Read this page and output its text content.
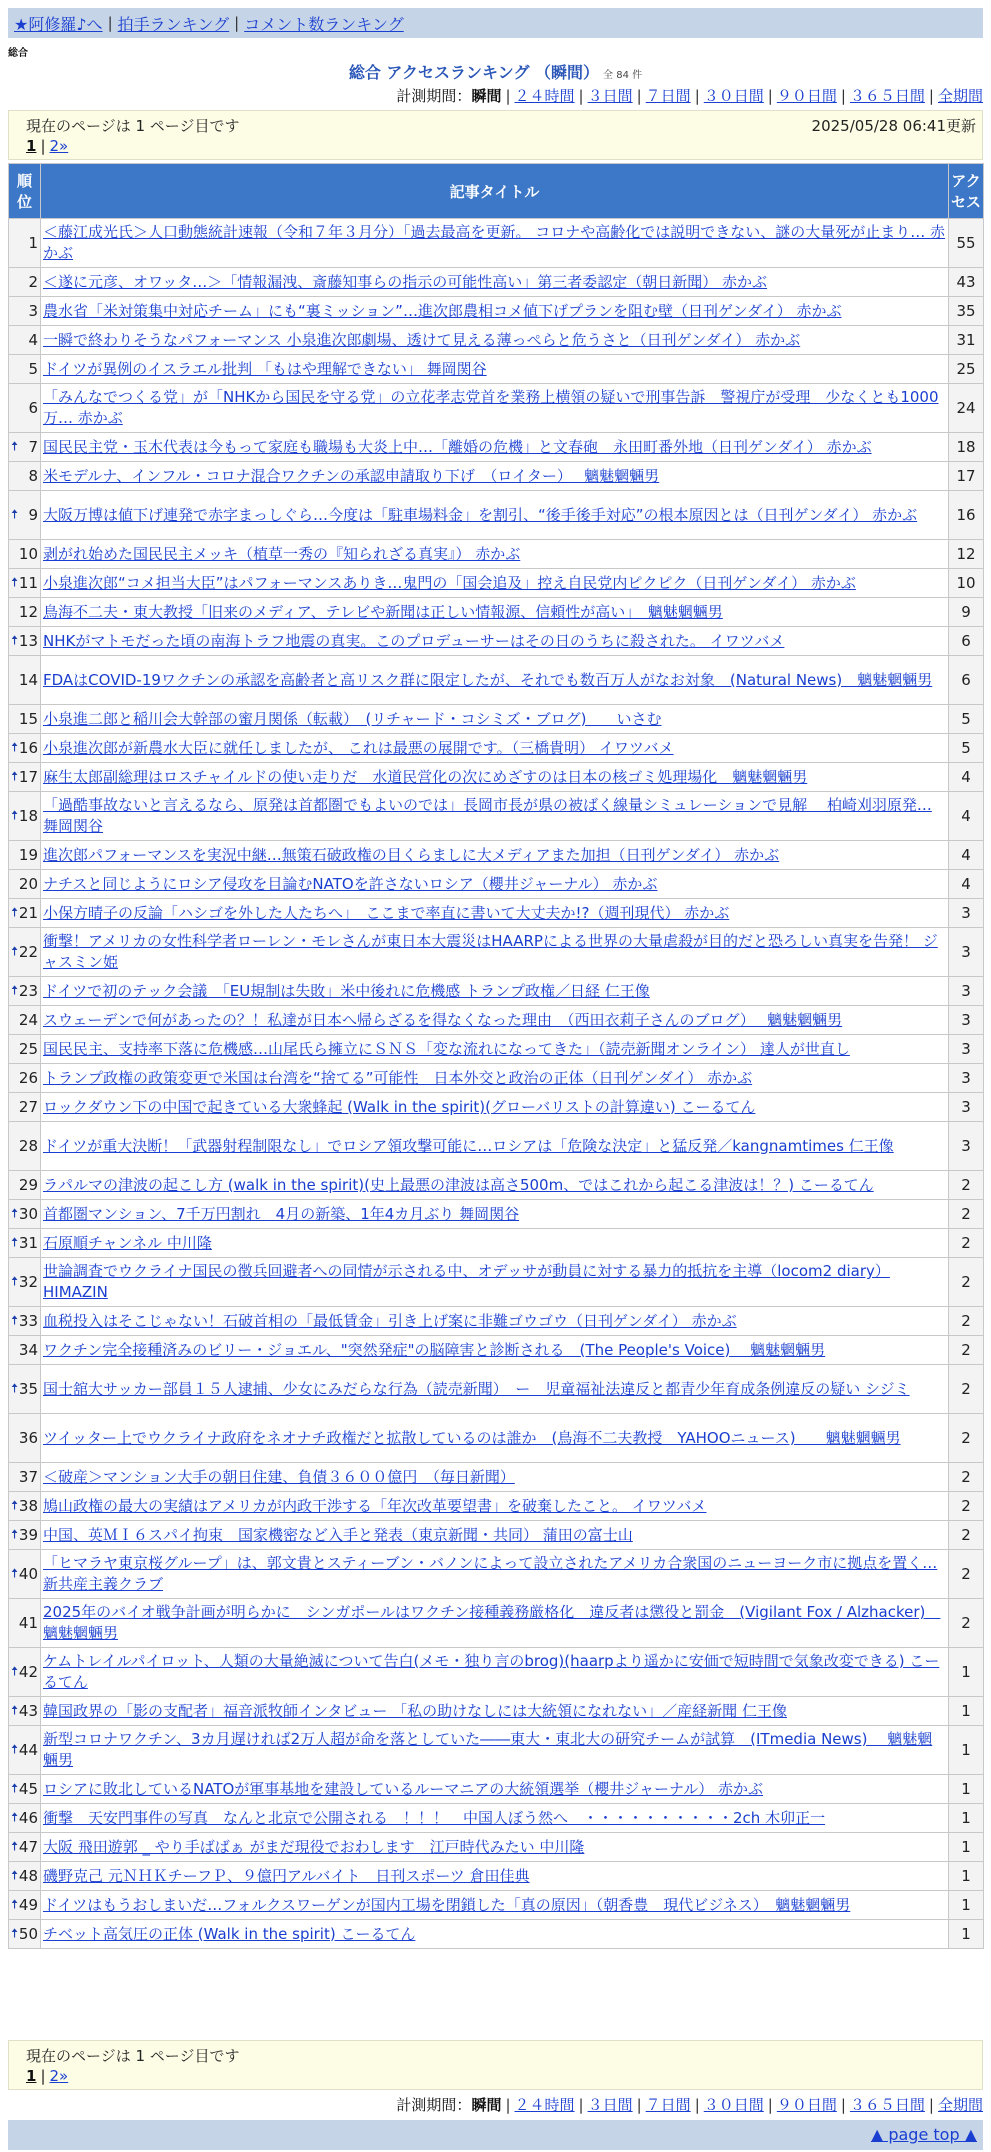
★阿修羅♪へ | 拍手ランキング | コメント数ランキング
総合
総合 アクセスランキング （瞬間） 全 84 件
計測期間：瞬間 | ２４時間 | ３日間 | ７日間 | ３０日間 | ９０日間 | ３６５日間 | 全期間
現在のページは 1 ページ目です	2025/05/28 06:41更新
1 | 2»
順位	記事タイトル	アクセス
1	＜藤江成光氏＞人口動態統計速報（令和７年３月分）「過去最高を更新。 コロナや高齢化では説明できない、謎の大量死が止まり… 赤かぶ	55
2	＜遂に元彦、オワッタ…＞「情報漏洩、斎藤知事らの指示の可能性高い」第三者委認定（朝日新聞） 赤かぶ	43
3	農水省「米対策集中対応チーム」にも“裏ミッション”…進次郎農相コメ値下げプランを阻む壁（日刊ゲンダイ） 赤かぶ	35
4	一瞬で終わりそうなパフォーマンス 小泉進次郎劇場、透けて見える薄っぺらと危うさと（日刊ゲンダイ） 赤かぶ	31
5	ドイツが異例のイスラエル批判 「もはや理解できない」 舞岡関谷	25
6	「みんなでつくる党」が「NHKから国民を守る党」の立花孝志党首を業務上横領の疑いで刑事告訴　警視庁が受理　少なくとも1000万… 赤かぶ	24

🠅 7	国民民主党・玉木代表は今もって家庭も職場も大炎上中…「離婚の危機」と文春砲　永田町番外地（日刊ゲンダイ） 赤かぶ	18
8	米モデルナ、インフル・コロナ混合ワクチンの承認申請取り下げ　（ロイター）　 魑魅魍魎男	17

🠅 9	大阪万博は値下げ連発で赤字まっしぐら…今度は「駐車場料金」を割引、“後手後手対応”の根本原因とは（日刊ゲンダイ） 赤かぶ	16
10	剥がれ始めた国民民主メッキ（植草一秀の『知られざる真実』） 赤かぶ	12

🠅 11	小泉進次郎“コメ担当大臣”はパフォーマンスありき…鬼門の「国会追及」控え自民党内ピクピク（日刊ゲンダイ） 赤かぶ	10
12	鳥海不二夫・東大教授「旧来のメディア、テレビや新聞は正しい情報源、信頼性が高い」　魑魅魍魎男	9

🠅 13	NHKがマトモだった頃の南海トラフ地震の真実。このプロデューサーはその日のうちに殺された。 イワツバメ	6
14	FDAはCOVID-19ワクチンの承認を高齢者と高リスク群に限定したが、それでも数百万人がなお対象　(Natural News)　魑魅魍魎男	6
15	小泉進二郎と稲川会大幹部の蜜月関係（転載）　(リチャード・コシミズ・ブログ)　　いさむ	5

🠅 16	小泉進次郎が新農水大臣に就任しましたが、 これは最悪の展開です。（三橋貴明） イワツバメ	5

🠅 17	麻生太郎副総理はロスチャイルドの使い走りだ　水道民営化の次にめざすのは日本の核ゴミ処理場化　魑魅魍魎男	4

🠅 18	「過酷事故ないと言えるなら、原発は首都圏でもよいのでは」長岡市長が県の被ばく線量シミュレーションで見解　 柏崎刈羽原発… 舞岡関谷	4
19	進次郎パフォーマンスを実況中継…無策石破政権の目くらましに大メディアまた加担（日刊ゲンダイ） 赤かぶ	4
20	ナチスと同じようにロシア侵攻を目論むNATOを許さないロシア（櫻井ジャーナル） 赤かぶ	4

🠅 21	小保方晴子の反論「ハシゴを外した人たちへ」　ここまで率直に書いて大丈夫か!?（週刊現代） 赤かぶ	3

🠅 22	衝撃！アメリカの女性科学者ローレン・モレさんが東日本大震災はHAARPによる世界の大量虐殺が目的だと恐ろしい真実を告発！ ジャスミン姫	3

🠅 23	ドイツで初のテック会議　「EU規制は失敗」米中後れに危機感 トランプ政権／日経 仁王像	3
24	スウェーデンで何があったの？！私達が日本へ帰らざるを得なくなった理由　（西田衣莉子さんのブログ）　 魑魅魍魎男	3
25	国民民主、支持率下落に危機感…山尾氏ら擁立にＳＮＳ「変な流れになってきた」（読売新聞オンライン） 達人が世直し	3
26	トランプ政権の政策変更で米国は台湾を“捨てる”可能性　日本外交と政治の正体（日刊ゲンダイ） 赤かぶ	3
27	ロックダウン下の中国で起きている大衆蜂起 (Walk in the spirit)(グローバリストの計算違い) こーるてん	3
28	ドイツが重大決断！「武器射程制限なし」でロシア領攻撃可能に…ロシアは「危険な決定」と猛反発／kangnamtimes 仁王像	3
29	ラパルマの津波の起こし方 (walk in the spirit)(史上最悪の津波は高さ500m、ではこれから起こる津波は！？) こーるてん	2

🠅 30	首都圏マンション、7千万円割れ　4月の新築、1年4カ月ぶり 舞岡関谷	2

🠅 31	石原順チャンネル 中川隆	2

🠅 32	世論調査でウクライナ国民の徴兵回避者への同情が示される中、オデッサが動員に対する暴力的抵抗を主導（locom2 diary） HIMAZIN	2

🠅 33	血税投入はそこじゃない！石破首相の「最低賃金」引き上げ案に非難ゴウゴウ（日刊ゲンダイ） 赤かぶ	2
34	ワクチン完全接種済みのビリー・ジョエル、"突然発症"の脳障害と診断される　(The People's Voice)　 魑魅魍魎男	2

🠅 35	国士舘大サッカー部員１５人逮捕、少女にみだらな行為（読売新聞）　ー　児童福祉法違反と都青少年育成条例違反の疑い シジミ	2
36	ツイッター上でウクライナ政府をネオナチ政権だと拡散しているのは誰か　(鳥海不二夫教授　YAHOOニュース)　　魑魅魍魎男	2
37	＜破産＞マンション大手の朝日住建、負債３６００億円　（毎日新聞）	2

🠅 38	鳩山政権の最大の実績はアメリカが内政干渉する「年次改革要望書」を破棄したこと。 イワツバメ	2

🠅 39	中国、英ＭＩ６スパイ拘束　国家機密など入手と発表（東京新聞・共同） 蒲田の富士山	2

🠅 40	「ヒマラヤ東京桜グループ」は、郭文貴とスティーブン・バノンによって設立されたアメリカ合衆国のニューヨーク市に拠点を置く… 新共産主義クラブ	2
41	2025年のバイオ戦争計画が明らかに　シンガポールはワクチン接種義務厳格化　違反者は懲役と罰金　(Vigilant Fox / Alzhacker)　魑魅魍魎男	2

🠅 42	ケムトレイルパイロット、人類の大量絶滅について告白(メモ・独り言のbrog)(haarpより遥かに安価で短時間で気象改変できる) こーるてん	1

🠅 43	韓国政界の「影の支配者」福音派牧師インタビュー 「私の助けなしには大統領になれない」／産経新聞 仁王像	1

🠅 44	新型コロナワクチン、3カ月遅ければ2万人超が命を落としていた――東大・東北大の研究チームが試算　(ITmedia News)　 魑魅魍魎男	1

🠅 45	ロシアに敗北しているNATOが軍事基地を建設しているルーマニアの大統領選挙（櫻井ジャーナル） 赤かぶ	1

🠅 46	衝撃　天安門事件の写真　なんと北京で公開される　！！！　中国人ぼう然へ　・・・・・・・・・・2ch 木卯正一	1

🠅 47	大阪 飛田遊郭 _ やり手ばばぁ がまだ現役でおわします　江戸時代みたい 中川隆	1

🠅 48	磯野克己 元ＮＨＫチーフＰ、９億円アルバイト　日刊スポーツ 倉田佳典	1

🠅 49	ドイツはもうおしまいだ…フォルクスワーゲンが国内工場を閉鎖した「真の原因」（朝香豊　現代ビジネス）　魑魅魍魎男	1

🠅 50	チベット高気圧の正体 (Walk in the spirit) こーるてん	1
現在のページは 1 ページ目です
1 | 2»
計測期間：瞬間 | ２４時間 | ３日間 | ７日間 | ３０日間 | ９０日間 | ３６５日間 | 全期間
▲ page top ▲
